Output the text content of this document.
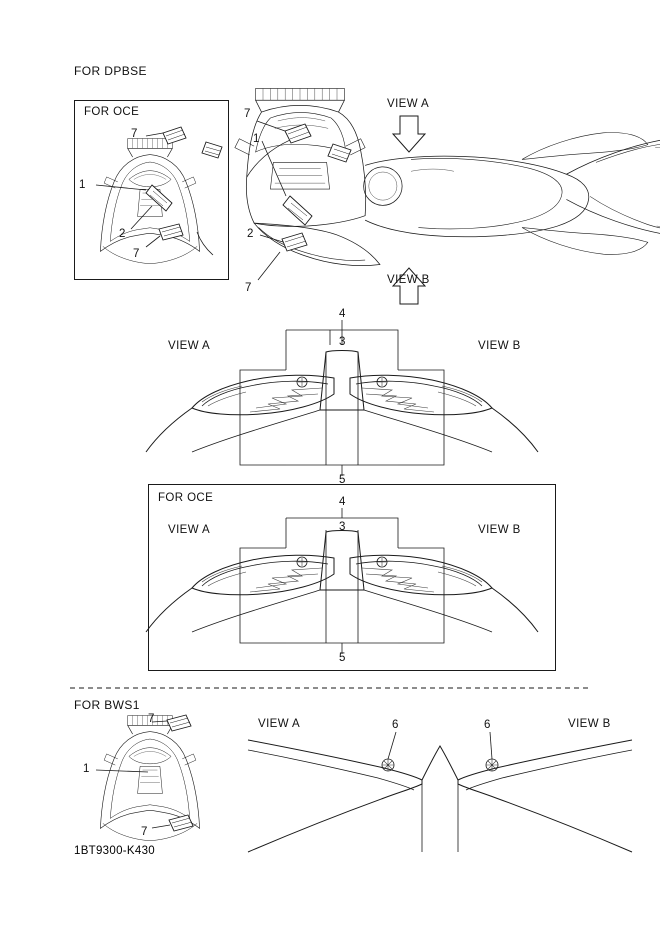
FOR DPBSE
FOR OCE
VIEW A
VIEW B
7
1
2
7
7
1
2
7
VIEW A	VIEW B
4
3
5
FOR OCE
VIEW A	VIEW B
4
3
5
FOR BWS1
7
1
7
VIEW A	VIEW B
6	6
1BT9300-K430
